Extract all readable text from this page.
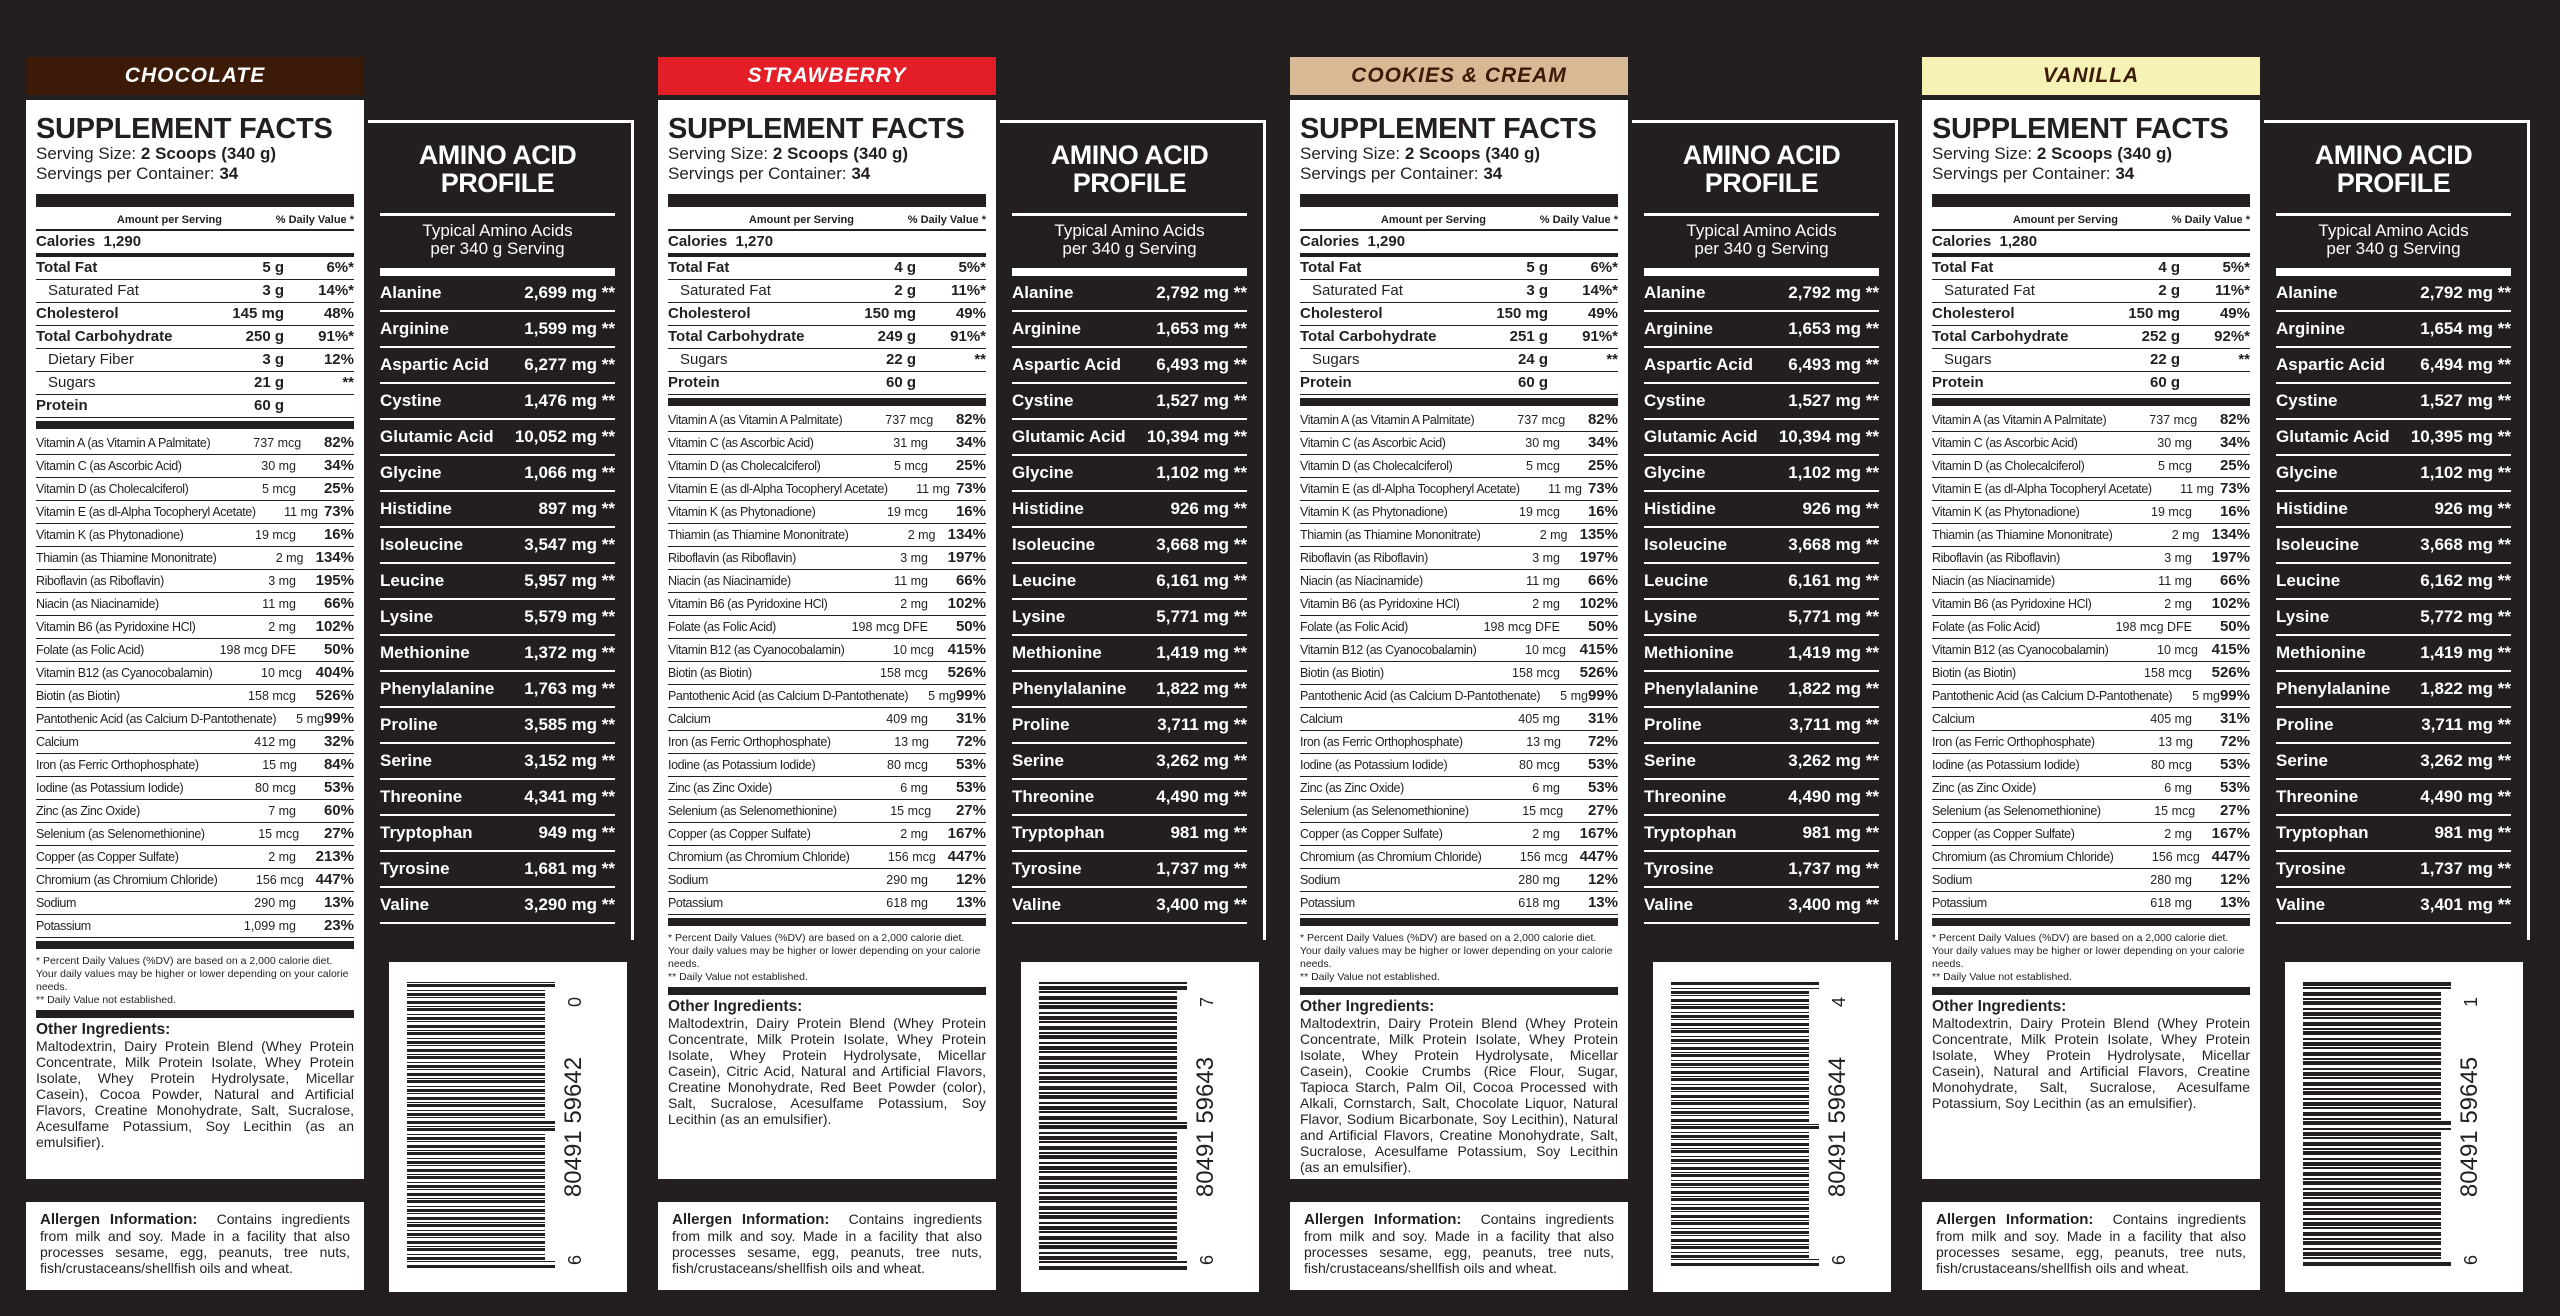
CHOCOLATE
SUPPLEMENT FACTS
Serving Size: 2 Scoops (340 g)
Servings per Container: 34
Amount per Serving	% Daily Value *
Calories 1,290
Total Fat	5 g	6%*
Saturated Fat	3 g	14%*
Cholesterol	145 mg	48%
Total Carbohydrate	250 g	91%*
Dietary Fiber	3 g	12%
Sugars	21 g	**
Protein	60 g
Vitamin A (as Vitamin A Palmitate)	737 mcg	82%
Vitamin C (as Ascorbic Acid)	30 mg	34%
Vitamin D (as Cholecalciferol)	5 mcg	25%
Vitamin E (as dl-Alpha Tocopheryl Acetate)	11 mg 73%
Vitamin K (as Phytonadione)	19 mcg	16%
Thiamin (as Thiamine Mononitrate)	2 mg 134%
Riboflavin (as Riboflavin)	3 mg	195%
Niacin (as Niacinamide)	11 mg	66%
Vitamin B6 (as Pyridoxine HCl)	2 mg	102%
Folate (as Folic Acid)	198 mcg DFE	50%
Vitamin B12 (as Cyanocobalamin)	10 mcg 404%
Biotin (as Biotin)	158 mcg	526%
Pantothenic Acid (as Calcium D-Pantothenate)	5 mg 99%
Calcium	412 mg	32%
Iron (as Ferric Orthophosphate)	15 mg	84%
Iodine (as Potassium Iodide)	80 mcg	53%
Zinc (as Zinc Oxide)	7 mg	60%
Selenium (as Selenomethionine)	15 mcg	27%
Copper (as Copper Sulfate)	2 mg	213%
Chromium (as Chromium Chloride)	156 mcg 447%
Sodium	290 mg	13%
Potassium	1,099 mg	23%
* Percent Daily Values (%DV) are based on a 2,000 calorie diet. Your daily values may be higher or lower depending on your calorie needs.
** Daily Value not established.
Other Ingredients:
Maltodextrin, Dairy Protein Blend (Whey Protein Concentrate, Milk Protein Isolate, Whey Protein Isolate, Whey Protein Hydrolysate, Micellar Casein), Cocoa Powder, Natural and Artificial Flavors, Creatine Monohydrate, Salt, Sucralose, Acesulfame Potassium, Soy Lecithin (as an emulsifier).
Allergen Information: Contains ingredients from milk and soy. Made in a facility that also processes sesame, egg, peanuts, tree nuts, fish/crustaceans/shellfish oils and wheat.
AMINO ACID
PROFILE
Typical Amino Acids
per 340 g Serving
Alanine	2,699 mg **
Arginine	1,599 mg **
Aspartic Acid	6,277 mg **
Cystine	1,476 mg **
Glutamic Acid	10,052 mg **
Glycine	1,066 mg **
Histidine	897 mg **
Isoleucine	3,547 mg **
Leucine	5,957 mg **
Lysine	5,579 mg **
Methionine	1,372 mg **
Phenylalanine	1,763 mg **
Proline	3,585 mg **
Serine	3,152 mg **
Threonine	4,341 mg **
Tryptophan	949 mg **
Tyrosine	1,681 mg **
Valine	3,290 mg **
80491 59642
6
0
STRAWBERRY
SUPPLEMENT FACTS
Serving Size: 2 Scoops (340 g)
Servings per Container: 34
Amount per Serving	% Daily Value *
Calories 1,270
Total Fat	4 g	5%*
Saturated Fat	2 g	11%*
Cholesterol	150 mg	49%
Total Carbohydrate	249 g	91%*
Sugars	22 g	**
Protein	60 g
Vitamin A (as Vitamin A Palmitate)	737 mcg	82%
Vitamin C (as Ascorbic Acid)	31 mg	34%
Vitamin D (as Cholecalciferol)	5 mcg	25%
Vitamin E (as dl-Alpha Tocopheryl Acetate)	11 mg 73%
Vitamin K (as Phytonadione)	19 mcg	16%
Thiamin (as Thiamine Mononitrate)	2 mg 134%
Riboflavin (as Riboflavin)	3 mg	197%
Niacin (as Niacinamide)	11 mg	66%
Vitamin B6 (as Pyridoxine HCl)	2 mg	102%
Folate (as Folic Acid)	198 mcg DFE	50%
Vitamin B12 (as Cyanocobalamin)	10 mcg 415%
Biotin (as Biotin)	158 mcg	526%
Pantothenic Acid (as Calcium D-Pantothenate)	5 mg 99%
Calcium	409 mg	31%
Iron (as Ferric Orthophosphate)	13 mg	72%
Iodine (as Potassium Iodide)	80 mcg	53%
Zinc (as Zinc Oxide)	6 mg	53%
Selenium (as Selenomethionine)	15 mcg	27%
Copper (as Copper Sulfate)	2 mg	167%
Chromium (as Chromium Chloride)	156 mcg 447%
Sodium	290 mg	12%
Potassium	618 mg	13%
* Percent Daily Values (%DV) are based on a 2,000 calorie diet. Your daily values may be higher or lower depending on your calorie needs.
** Daily Value not established.
Other Ingredients:
Maltodextrin, Dairy Protein Blend (Whey Protein Concentrate, Milk Protein Isolate, Whey Protein Isolate, Whey Protein Hydrolysate, Micellar Casein), Citric Acid, Natural and Artificial Flavors, Creatine Monohydrate, Red Beet Powder (color), Salt, Sucralose, Acesulfame Potassium, Soy Lecithin (as an emulsifier).
Allergen Information: Contains ingredients from milk and soy. Made in a facility that also processes sesame, egg, peanuts, tree nuts, fish/crustaceans/shellfish oils and wheat.
AMINO ACID
PROFILE
Typical Amino Acids
per 340 g Serving
Alanine	2,792 mg **
Arginine	1,653 mg **
Aspartic Acid	6,493 mg **
Cystine	1,527 mg **
Glutamic Acid	10,394 mg **
Glycine	1,102 mg **
Histidine	926 mg **
Isoleucine	3,668 mg **
Leucine	6,161 mg **
Lysine	5,771 mg **
Methionine	1,419 mg **
Phenylalanine	1,822 mg **
Proline	3,711 mg **
Serine	3,262 mg **
Threonine	4,490 mg **
Tryptophan	981 mg **
Tyrosine	1,737 mg **
Valine	3,400 mg **
80491 59643
6
7
COOKIES & CREAM
SUPPLEMENT FACTS
Serving Size: 2 Scoops (340 g)
Servings per Container: 34
Amount per Serving	% Daily Value *
Calories 1,290
Total Fat	5 g	6%*
Saturated Fat	3 g	14%*
Cholesterol	150 mg	49%
Total Carbohydrate	251 g	91%*
Sugars	24 g	**
Protein	60 g
Vitamin A (as Vitamin A Palmitate)	737 mcg	82%
Vitamin C (as Ascorbic Acid)	30 mg	34%
Vitamin D (as Cholecalciferol)	5 mcg	25%
Vitamin E (as dl-Alpha Tocopheryl Acetate)	11 mg 73%
Vitamin K (as Phytonadione)	19 mcg	16%
Thiamin (as Thiamine Mononitrate)	2 mg 135%
Riboflavin (as Riboflavin)	3 mg	197%
Niacin (as Niacinamide)	11 mg	66%
Vitamin B6 (as Pyridoxine HCl)	2 mg	102%
Folate (as Folic Acid)	198 mcg DFE	50%
Vitamin B12 (as Cyanocobalamin)	10 mcg 415%
Biotin (as Biotin)	158 mcg	526%
Pantothenic Acid (as Calcium D-Pantothenate)	5 mg 99%
Calcium	405 mg	31%
Iron (as Ferric Orthophosphate)	13 mg	72%
Iodine (as Potassium Iodide)	80 mcg	53%
Zinc (as Zinc Oxide)	6 mg	53%
Selenium (as Selenomethionine)	15 mcg	27%
Copper (as Copper Sulfate)	2 mg	167%
Chromium (as Chromium Chloride)	156 mcg 447%
Sodium	280 mg	12%
Potassium	618 mg	13%
* Percent Daily Values (%DV) are based on a 2,000 calorie diet. Your daily values may be higher or lower depending on your calorie needs.
** Daily Value not established.
Other Ingredients:
Maltodextrin, Dairy Protein Blend (Whey Protein Concentrate, Milk Protein Isolate, Whey Protein Isolate, Whey Protein Hydrolysate, Micellar Casein), Cookie Crumbs (Rice Flour, Sugar, Tapioca Starch, Palm Oil, Cocoa Processed with Alkali, Cornstarch, Salt, Chocolate Liquor, Natural Flavor, Sodium Bicarbonate, Soy Lecithin), Natural and Artificial Flavors, Creatine Monohydrate, Salt, Sucralose, Acesulfame Potassium, Soy Lecithin (as an emulsifier).
Allergen Information: Contains ingredients from milk and soy. Made in a facility that also processes sesame, egg, peanuts, tree nuts, fish/crustaceans/shellfish oils and wheat.
AMINO ACID
PROFILE
Typical Amino Acids
per 340 g Serving
Alanine	2,792 mg **
Arginine	1,653 mg **
Aspartic Acid	6,493 mg **
Cystine	1,527 mg **
Glutamic Acid	10,394 mg **
Glycine	1,102 mg **
Histidine	926 mg **
Isoleucine	3,668 mg **
Leucine	6,161 mg **
Lysine	5,771 mg **
Methionine	1,419 mg **
Phenylalanine	1,822 mg **
Proline	3,711 mg **
Serine	3,262 mg **
Threonine	4,490 mg **
Tryptophan	981 mg **
Tyrosine	1,737 mg **
Valine	3,400 mg **
80491 59644
6
4
VANILLA
SUPPLEMENT FACTS
Serving Size: 2 Scoops (340 g)
Servings per Container: 34
Amount per Serving	% Daily Value *
Calories 1,280
Total Fat	4 g	5%*
Saturated Fat	2 g	11%*
Cholesterol	150 mg	49%
Total Carbohydrate	252 g	92%*
Sugars	22 g	**
Protein	60 g
Vitamin A (as Vitamin A Palmitate)	737 mcg	82%
Vitamin C (as Ascorbic Acid)	30 mg	34%
Vitamin D (as Cholecalciferol)	5 mcg	25%
Vitamin E (as dl-Alpha Tocopheryl Acetate)	11 mg 73%
Vitamin K (as Phytonadione)	19 mcg	16%
Thiamin (as Thiamine Mononitrate)	2 mg 134%
Riboflavin (as Riboflavin)	3 mg	197%
Niacin (as Niacinamide)	11 mg	66%
Vitamin B6 (as Pyridoxine HCl)	2 mg	102%
Folate (as Folic Acid)	198 mcg DFE	50%
Vitamin B12 (as Cyanocobalamin)	10 mcg 415%
Biotin (as Biotin)	158 mcg	526%
Pantothenic Acid (as Calcium D-Pantothenate)	5 mg 99%
Calcium	405 mg	31%
Iron (as Ferric Orthophosphate)	13 mg	72%
Iodine (as Potassium Iodide)	80 mcg	53%
Zinc (as Zinc Oxide)	6 mg	53%
Selenium (as Selenomethionine)	15 mcg	27%
Copper (as Copper Sulfate)	2 mg	167%
Chromium (as Chromium Chloride)	156 mcg 447%
Sodium	280 mg	12%
Potassium	618 mg	13%
* Percent Daily Values (%DV) are based on a 2,000 calorie diet. Your daily values may be higher or lower depending on your calorie needs.
** Daily Value not established.
Other Ingredients:
Maltodextrin, Dairy Protein Blend (Whey Protein Concentrate, Milk Protein Isolate, Whey Protein Isolate, Whey Protein Hydrolysate, Micellar Casein), Natural and Artificial Flavors, Creatine Monohydrate, Salt, Sucralose, Acesulfame Potassium, Soy Lecithin (as an emulsifier).
Allergen Information: Contains ingredients from milk and soy. Made in a facility that also processes sesame, egg, peanuts, tree nuts, fish/crustaceans/shellfish oils and wheat.
AMINO ACID
PROFILE
Typical Amino Acids
per 340 g Serving
Alanine	2,792 mg **
Arginine	1,654 mg **
Aspartic Acid	6,494 mg **
Cystine	1,527 mg **
Glutamic Acid	10,395 mg **
Glycine	1,102 mg **
Histidine	926 mg **
Isoleucine	3,668 mg **
Leucine	6,162 mg **
Lysine	5,772 mg **
Methionine	1,419 mg **
Phenylalanine	1,822 mg **
Proline	3,711 mg **
Serine	3,262 mg **
Threonine	4,490 mg **
Tryptophan	981 mg **
Tyrosine	1,737 mg **
Valine	3,401 mg **
80491 59645
6
1
